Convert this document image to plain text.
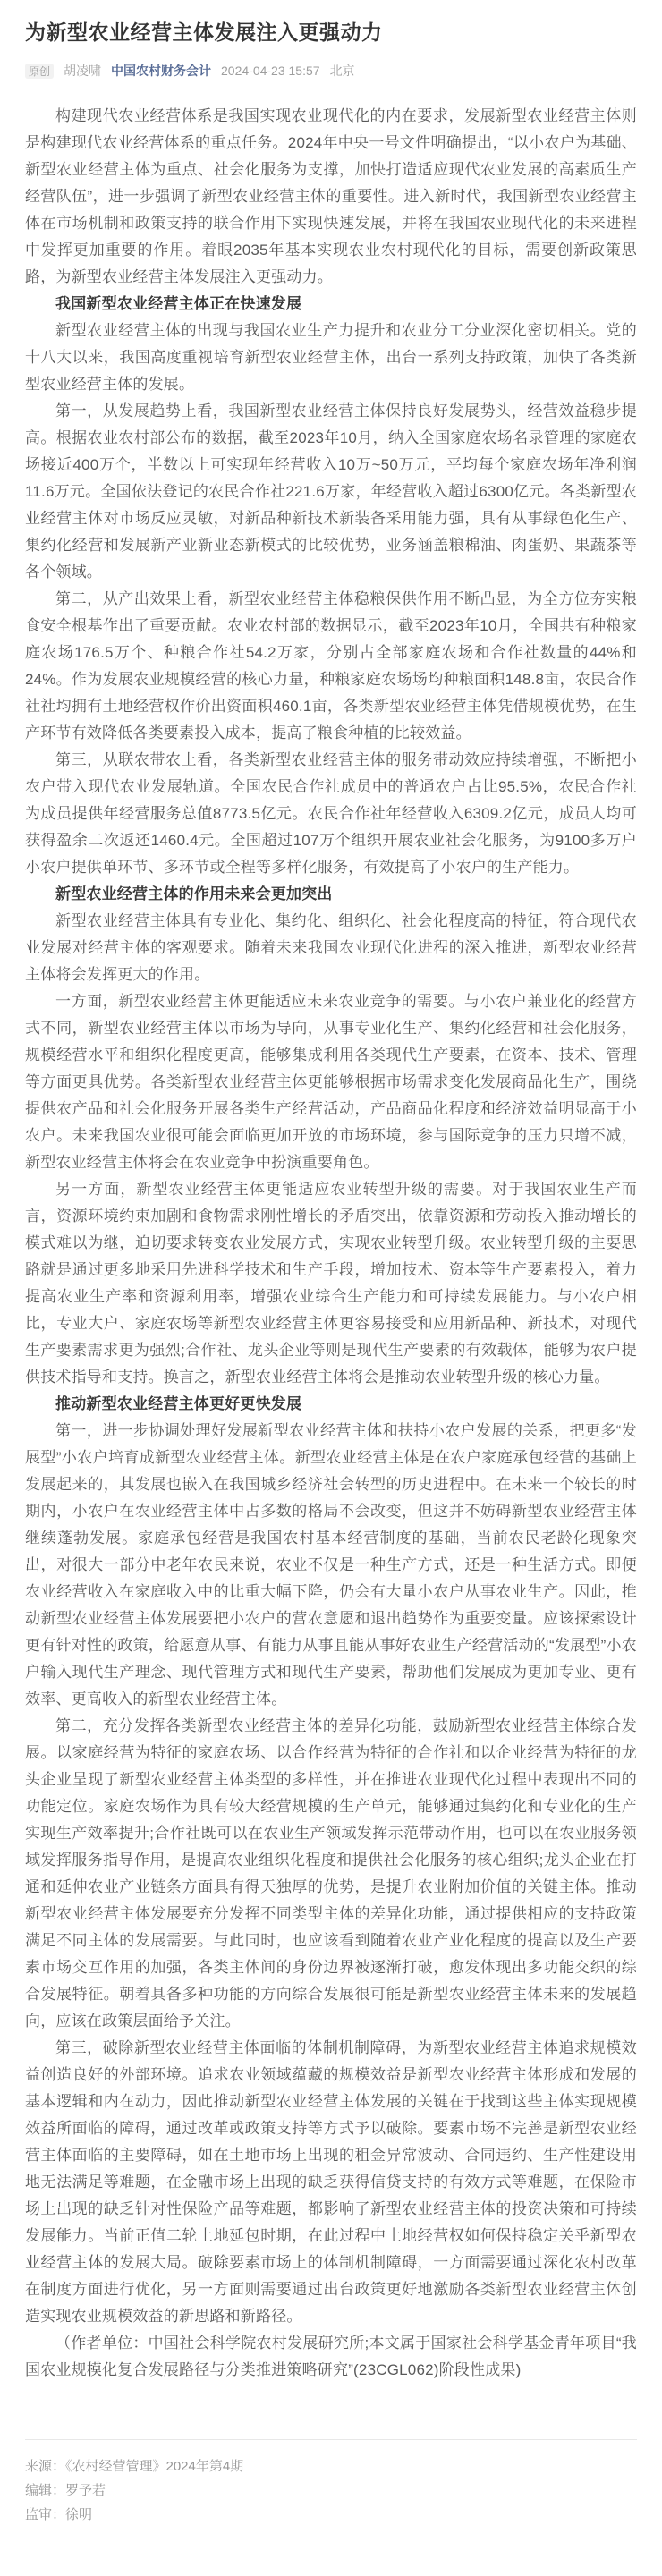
为新型农业经营主体发展注入更强动力
原创 胡凌啸 中国农村财务会计 2024-04-23 15:57 北京

构建现代农业经营体系是我国实现农业现代化的内在要求，发展新型农业经营主体则是构建现代农业经营体系的重点任务。2024年中央一号文件明确提出，“以小农户为基础、新型农业经营主体为重点、社会化服务为支撑，加快打造适应现代农业发展的高素质生产经营队伍”，进一步强调了新型农业经营主体的重要性。进入新时代，我国新型农业经营主体在市场机制和政策支持的联合作用下实现快速发展，并将在我国农业现代化的未来进程中发挥更加重要的作用。着眼2035年基本实现农业农村现代化的目标，需要创新政策思路，为新型农业经营主体发展注入更强动力。

我国新型农业经营主体正在快速发展

新型农业经营主体的出现与我国农业生产力提升和农业分工分业深化密切相关。党的十八大以来，我国高度重视培育新型农业经营主体，出台一系列支持政策，加快了各类新型农业经营主体的发展。

第一，从发展趋势上看，我国新型农业经营主体保持良好发展势头，经营效益稳步提高。根据农业农村部公布的数据，截至2023年10月，纳入全国家庭农场名录管理的家庭农场接近400万个，半数以上可实现年经营收入10万~50万元，平均每个家庭农场年净利润11.6万元。全国依法登记的农民合作社221.6万家，年经营收入超过6300亿元。各类新型农业经营主体对市场反应灵敏，对新品种新技术新装备采用能力强，具有从事绿色化生产、集约化经营和发展新产业新业态新模式的比较优势，业务涵盖粮棉油、肉蛋奶、果蔬茶等各个领域。

第二，从产出效果上看，新型农业经营主体稳粮保供作用不断凸显，为全方位夯实粮食安全根基作出了重要贡献。农业农村部的数据显示，截至2023年10月，全国共有种粮家庭农场176.5万个、种粮合作社54.2万家，分别占全部家庭农场和合作社数量的44%和24%。作为发展农业规模经营的核心力量，种粮家庭农场场均种粮面积148.8亩，农民合作社社均拥有土地经营权作价出资面积460.1亩，各类新型农业经营主体凭借规模优势，在生产环节有效降低各类要素投入成本，提高了粮食种植的比较效益。

第三，从联农带农上看，各类新型农业经营主体的服务带动效应持续增强，不断把小农户带入现代农业发展轨道。全国农民合作社成员中的普通农户占比95.5%，农民合作社为成员提供年经营服务总值8773.5亿元。农民合作社年经营收入6309.2亿元，成员人均可获得盈余二次返还1460.4元。全国超过107万个组织开展农业社会化服务，为9100多万户小农户提供单环节、多环节或全程等多样化服务，有效提高了小农户的生产能力。

新型农业经营主体的作用未来会更加突出

新型农业经营主体具有专业化、集约化、组织化、社会化程度高的特征，符合现代农业发展对经营主体的客观要求。随着未来我国农业现代化进程的深入推进，新型农业经营主体将会发挥更大的作用。

一方面，新型农业经营主体更能适应未来农业竞争的需要。与小农户兼业化的经营方式不同，新型农业经营主体以市场为导向，从事专业化生产、集约化经营和社会化服务，规模经营水平和组织化程度更高，能够集成利用各类现代生产要素，在资本、技术、管理等方面更具优势。各类新型农业经营主体更能够根据市场需求变化发展商品化生产，围绕提供农产品和社会化服务开展各类生产经营活动，产品商品化程度和经济效益明显高于小农户。未来我国农业很可能会面临更加开放的市场环境，参与国际竞争的压力只增不减，新型农业经营主体将会在农业竞争中扮演重要角色。

另一方面，新型农业经营主体更能适应农业转型升级的需要。对于我国农业生产而言，资源环境约束加剧和食物需求刚性增长的矛盾突出，依靠资源和劳动投入推动增长的模式难以为继，迫切要求转变农业发展方式，实现农业转型升级。农业转型升级的主要思路就是通过更多地采用先进科学技术和生产手段，增加技术、资本等生产要素投入，着力提高农业生产率和资源利用率，增强农业综合生产能力和可持续发展能力。与小农户相比，专业大户、家庭农场等新型农业经营主体更容易接受和应用新品种、新技术，对现代生产要素需求更为强烈;合作社、龙头企业等则是现代生产要素的有效载体，能够为农户提供技术指导和支持。换言之，新型农业经营主体将会是推动农业转型升级的核心力量。

推动新型农业经营主体更好更快发展

第一，进一步协调处理好发展新型农业经营主体和扶持小农户发展的关系，把更多“发展型”小农户培育成新型农业经营主体。新型农业经营主体是在农户家庭承包经营的基础上发展起来的，其发展也嵌入在我国城乡经济社会转型的历史进程中。在未来一个较长的时期内，小农户在农业经营主体中占多数的格局不会改变，但这并不妨碍新型农业经营主体继续蓬勃发展。家庭承包经营是我国农村基本经营制度的基础，当前农民老龄化现象突出，对很大一部分中老年农民来说，农业不仅是一种生产方式，还是一种生活方式。即便农业经营收入在家庭收入中的比重大幅下降，仍会有大量小农户从事农业生产。因此，推动新型农业经营主体发展要把小农户的营农意愿和退出趋势作为重要变量。应该探索设计更有针对性的政策，给愿意从事、有能力从事且能从事好农业生产经营活动的“发展型”小农户输入现代生产理念、现代管理方式和现代生产要素，帮助他们发展成为更加专业、更有效率、更高收入的新型农业经营主体。

第二，充分发挥各类新型农业经营主体的差异化功能，鼓励新型农业经营主体综合发展。以家庭经营为特征的家庭农场、以合作经营为特征的合作社和以企业经营为特征的龙头企业呈现了新型农业经营主体类型的多样性，并在推进农业现代化过程中表现出不同的功能定位。家庭农场作为具有较大经营规模的生产单元，能够通过集约化和专业化的生产实现生产效率提升;合作社既可以在农业生产领域发挥示范带动作用，也可以在农业服务领域发挥服务指导作用，是提高农业组织化程度和提供社会化服务的核心组织;龙头企业在打通和延伸农业产业链条方面具有得天独厚的优势，是提升农业附加价值的关键主体。推动新型农业经营主体发展要充分发挥不同类型主体的差异化功能，通过提供相应的支持政策满足不同主体的发展需要。与此同时，也应该看到随着农业产业化程度的提高以及生产要素市场交互作用的加强，各类主体间的身份边界被逐渐打破，愈发体现出多功能交织的综合发展特征。朝着具备多种功能的方向综合发展很可能是新型农业经营主体未来的发展趋向，应该在政策层面给予关注。

第三，破除新型农业经营主体面临的体制机制障碍，为新型农业经营主体追求规模效益创造良好的外部环境。追求农业领域蕴藏的规模效益是新型农业经营主体形成和发展的基本逻辑和内在动力，因此推动新型农业经营主体发展的关键在于找到这些主体实现规模效益所面临的障碍，通过改革或政策支持等方式予以破除。要素市场不完善是新型农业经营主体面临的主要障碍，如在土地市场上出现的租金异常波动、合同违约、生产性建设用地无法满足等难题，在金融市场上出现的缺乏获得信贷支持的有效方式等难题，在保险市场上出现的缺乏针对性保险产品等难题，都影响了新型农业经营主体的投资决策和可持续发展能力。当前正值二轮土地延包时期，在此过程中土地经营权如何保持稳定关乎新型农业经营主体的发展大局。破除要素市场上的体制机制障碍，一方面需要通过深化农村改革在制度方面进行优化，另一方面则需要通过出台政策更好地激励各类新型农业经营主体创造实现农业规模效益的新思路和新路径。

（作者单位：中国社会科学院农村发展研究所;本文属于国家社会科学基金青年项目“我国农业规模化复合发展路径与分类推进策略研究”(23CGL062)阶段性成果)

来源：《农村经营管理》2024年第4期
编辑：罗予若
监审：徐明
